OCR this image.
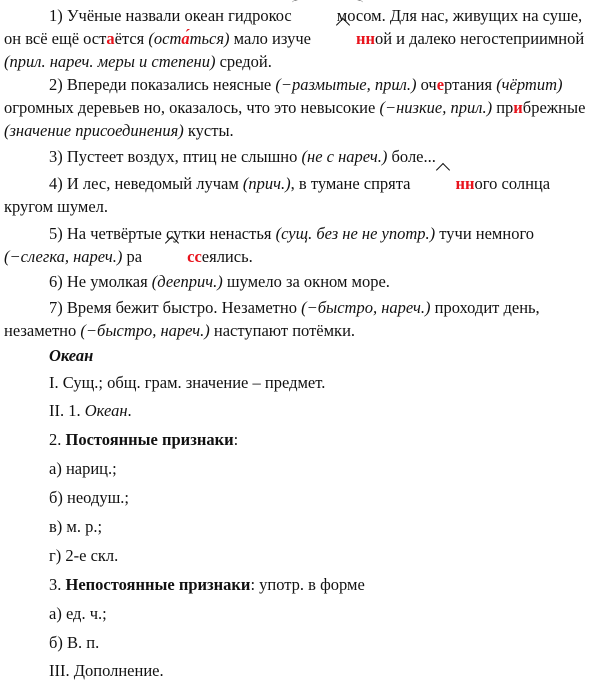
1) Учёные назвали океан гидрокос	мосом. Для нас, живущих на суше, он всё ещё остаётся (оста́ться) мало изуче	нной и далеко негостеприимной (прил. нареч. меры и степени) средой.

2) Впереди показались неясные (−размытые, прил.) очертания (чёртит) огромных деревьев но, оказалось, что это невысокие (−низкие, прил.) прибрежные (значение присоединения) кусты.

3) Пустеет воздух, птиц не слышно (не с нареч.) боле...

4) И лес, неведомый лучам (прич.), в тумане спрята	нного солнца кругом шумел.

5) На четвёртые сутки ненастья (сущ. без не не употр.) тучи немного (−слегка, нареч.) ра	ссеялись.

6) Не умолкая (дееприч.) шумело за окном море.

7) Время бежит быстро. Незаметно (−быстро, нареч.) проходит день, незаметно (−быстро, нареч.) наступают потёмки.

Океан

I. Сущ.; общ. грам. значение – предмет.

II. 1. Океан.

2. Постоянные признаки:

а) нариц.;

б) неодуш.;

в) м. р.;

г) 2-е скл.

3. Непостоянные признаки: употр. в форме

а) ед. ч.;

б) В. п.

III. Дополнение.
